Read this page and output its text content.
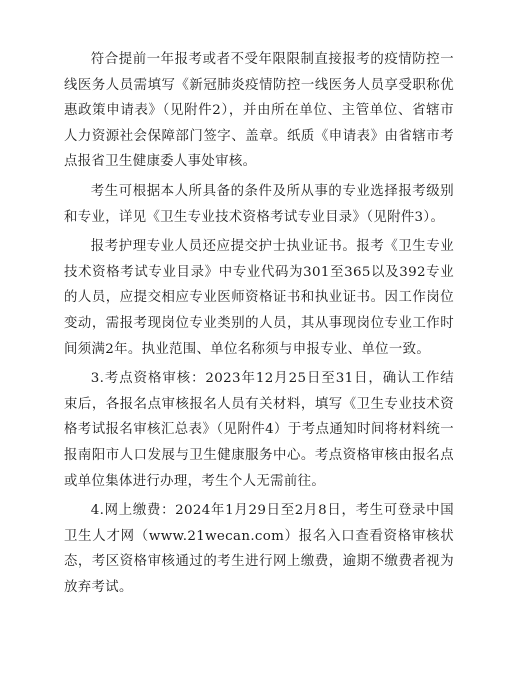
符合提前一年报考或者不受年限限制直接报考的疫情防控一线医务人员需填写《新冠肺炎疫情防控一线医务人员享受职称优惠政策申请表》（见附件2），并由所在单位、主管单位、省辖市人力资源社会保障部门签字、盖章。纸质《申请表》由省辖市考点报省卫生健康委人事处审核。

考生可根据本人所具备的条件及所从事的专业选择报考级别和专业，详见《卫生专业技术资格考试专业目录》（见附件3）。

报考护理专业人员还应提交护士执业证书。报考《卫生专业技术资格考试专业目录》中专业代码为301至365以及392专业的人员，应提交相应专业医师资格证书和执业证书。因工作岗位变动，需报考现岗位专业类别的人员，其从事现岗位专业工作时间须满2年。执业范围、单位名称须与申报专业、单位一致。

3.考点资格审核：2023年12月25日至31日，确认工作结束后，各报名点审核报名人员有关材料，填写《卫生专业技术资格考试报名审核汇总表》（见附件4）于考点通知时间将材料统一报南阳市人口发展与卫生健康服务中心。考点资格审核由报名点或单位集体进行办理，考生个人无需前往。

4.网上缴费：2024年1月29日至2月8日，考生可登录中国卫生人才网（www.21wecan.com）报名入口查看资格审核状态，考区资格审核通过的考生进行网上缴费，逾期不缴费者视为放弃考试。
